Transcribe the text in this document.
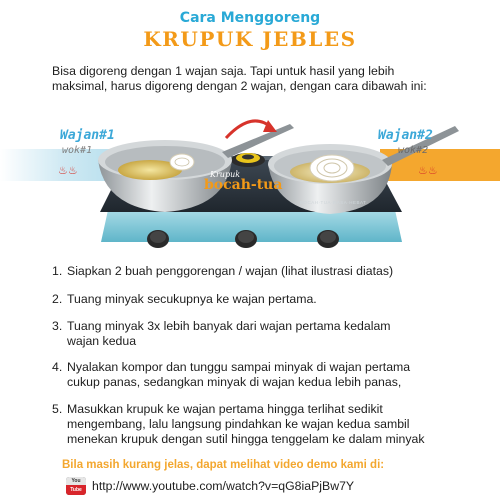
Cara Menggoreng
KRUPUK JEBLES
Bisa digoreng dengan 1 wajan saja. Tapi untuk hasil yang lebih
maksimal, harus digoreng dengan 2 wajan, dengan cara dibawah ini:
Wajan#1
wok#1
Wajan#2
wok#2
♨♨	♨♨
Krupuk
bocah-tua
BOCAH·TUA·RASA·HEBAT
1. Siapkan 2 buah penggorengan / wajan (lihat ilustrasi diatas)
2. Tuang minyak secukupnya ke wajan pertama.
3. Tuang minyak 3x lebih banyak dari wajan pertama kedalam
wajan kedua
4. Nyalakan kompor dan tunggu sampai minyak di wajan pertama
cukup panas, sedangkan minyak di wajan kedua lebih panas,
5. Masukkan krupuk ke wajan pertama hingga terlihat sedikit
mengembang, lalu langsung pindahkan ke wajan kedua sambil
menekan krupuk dengan sutil hingga tenggelam ke dalam minyak
Bila masih kurang jelas, dapat melihat video demo kami di:
You
Tube http://www.youtube.com/watch?v=qG8iaPjBw7Y
